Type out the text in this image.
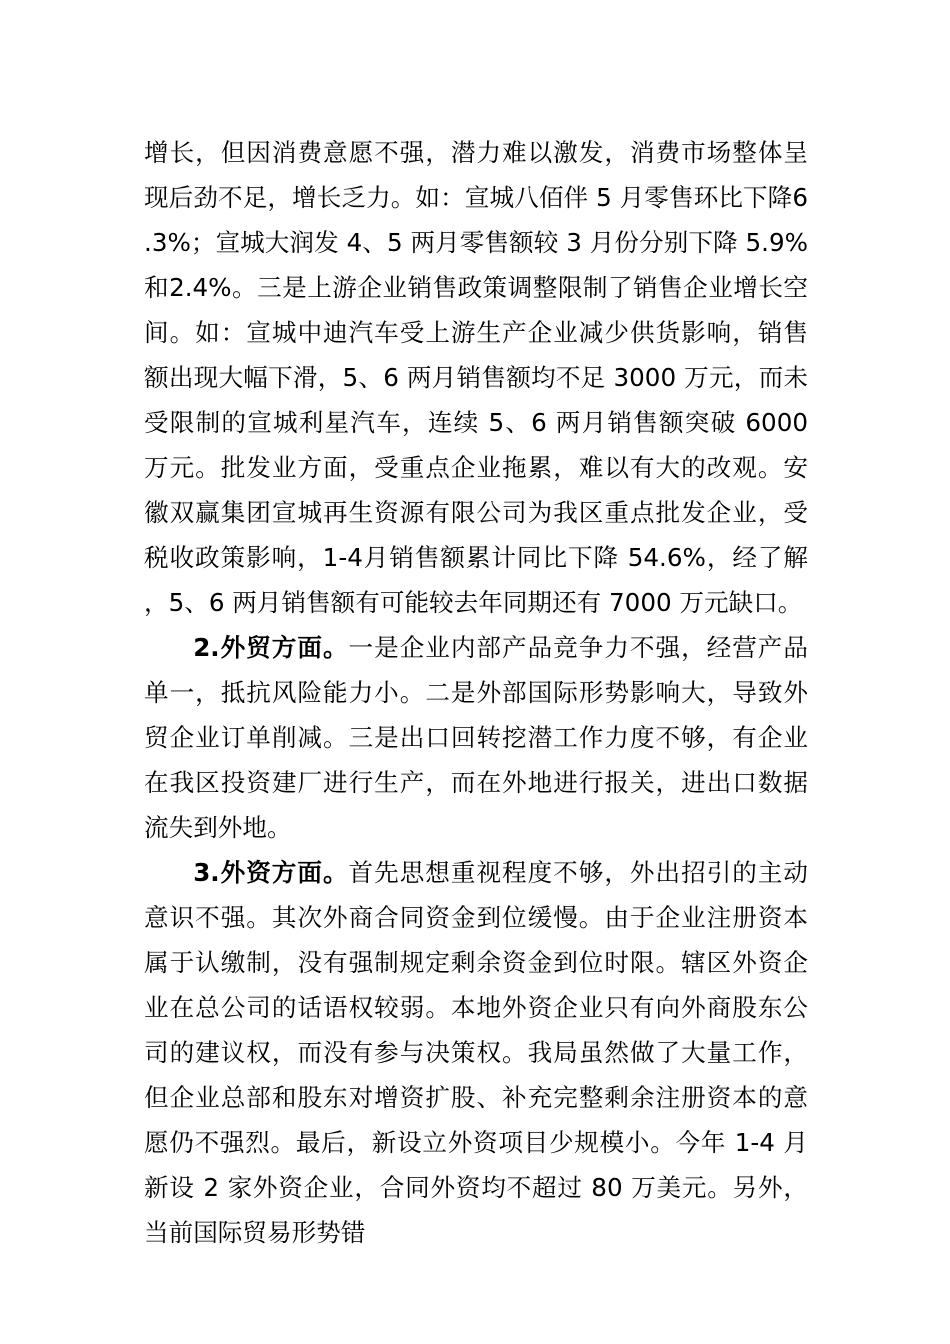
增长，但因消费意愿不强，潜力难以激发，消费市场整体呈现后劲不足，增长乏力。如：宣城八佰伴 5 月零售环比下降6.3%；宣城大润发 4、5 两月零售额较 3 月份分别下降 5.9%和2.4%。三是上游企业销售政策调整限制了销售企业增长空间。如：宣城中迪汽车受上游生产企业减少供货影响，销售额出现大幅下滑，5、6 两月销售额均不足 3000 万元，而未受限制的宣城利星汽车，连续 5、6 两月销售额突破 6000 万元。批发业方面，受重点企业拖累，难以有大的改观。安徽双赢集团宣城再生资源有限公司为我区重点批发企业，受税收政策影响，1-4月销售额累计同比下降 54.6%，经了解，5、6 两月销售额有可能较去年同期还有 7000 万元缺口。

2.外贸方面。一是企业内部产品竞争力不强，经营产品单一，抵抗风险能力小。二是外部国际形势影响大，导致外贸企业订单削减。三是出口回转挖潜工作力度不够，有企业在我区投资建厂进行生产，而在外地进行报关，进出口数据流失到外地。

3.外资方面。首先思想重视程度不够，外出招引的主动意识不强。其次外商合同资金到位缓慢。由于企业注册资本属于认缴制，没有强制规定剩余资金到位时限。辖区外资企业在总公司的话语权较弱。本地外资企业只有向外商股东公司的建议权，而没有参与决策权。我局虽然做了大量工作，但企业总部和股东对增资扩股、补充完整剩余注册资本的意愿仍不强烈。最后，新设立外资项目少规模小。今年 1-4 月新设 2 家外资企业，合同外资均不超过 80 万美元。另外，当前国际贸易形势错
